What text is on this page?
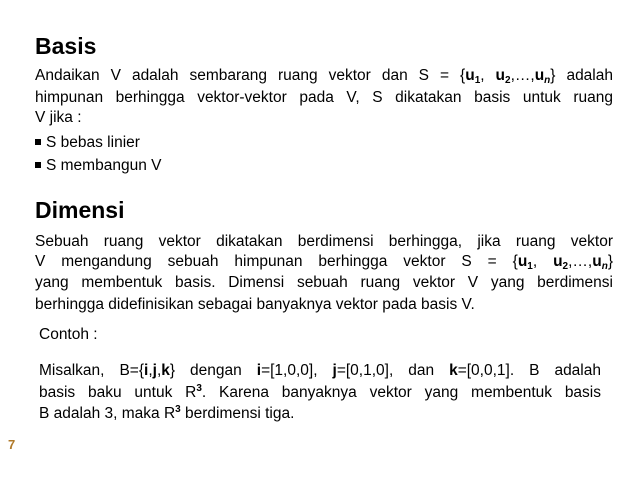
Basis
Andaikan V adalah sembarang ruang vektor dan $S = \{u_1$, $u_2,\dots,u_n$} adalah
himpunan berhingga vektor-vektor pada V, S dikatakan basis untuk ruang
V jika :
S bebas linier
S membangun V
Dimensi
Sebuah ruang vektor dikatakan berdimensi berhingga, jika ruang vektor
V mengandung sebuah himpunan berhingga vektor $S = \{u_1$, $u_2,\dots,u_n$}
yang membentuk basis. Dimensi sebuah ruang vektor V yang berdimensi
berhingga didefinisikan sebagai banyaknya vektor pada basis V.
Contoh :
Misalkan, B={i,j,k} dengan i=[1,0,0], j=[0,1,0], dan k=[0,0,1]. B adalah
basis baku untuk $R^3$. Karena banyaknya vektor yang membentuk basis
B adalah 3, maka $R^3$ berdimensi tiga.
7
